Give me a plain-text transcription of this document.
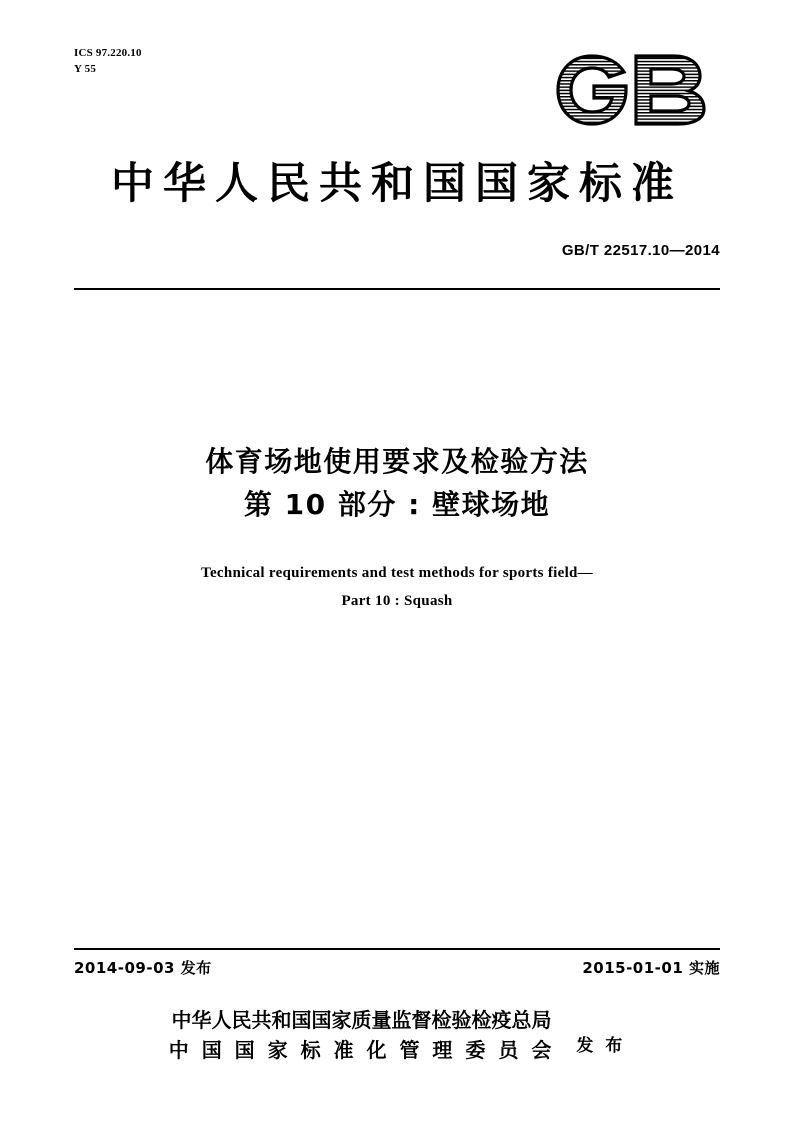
ICS 97.220.10
Y 55
中华人民共和国国家标准
GB/T 22517.10—2014
体育场地使用要求及检验方法
第 10 部分 : 壁球场地
Technical requirements and test methods for sports field—
Part 10 : Squash
2014-09-03 发布	2015-01-01 实施
中华人民共和国国家质量监督检验检疫总局
中 国 国 家 标 准 化 管 理 委 员 会 发 布
